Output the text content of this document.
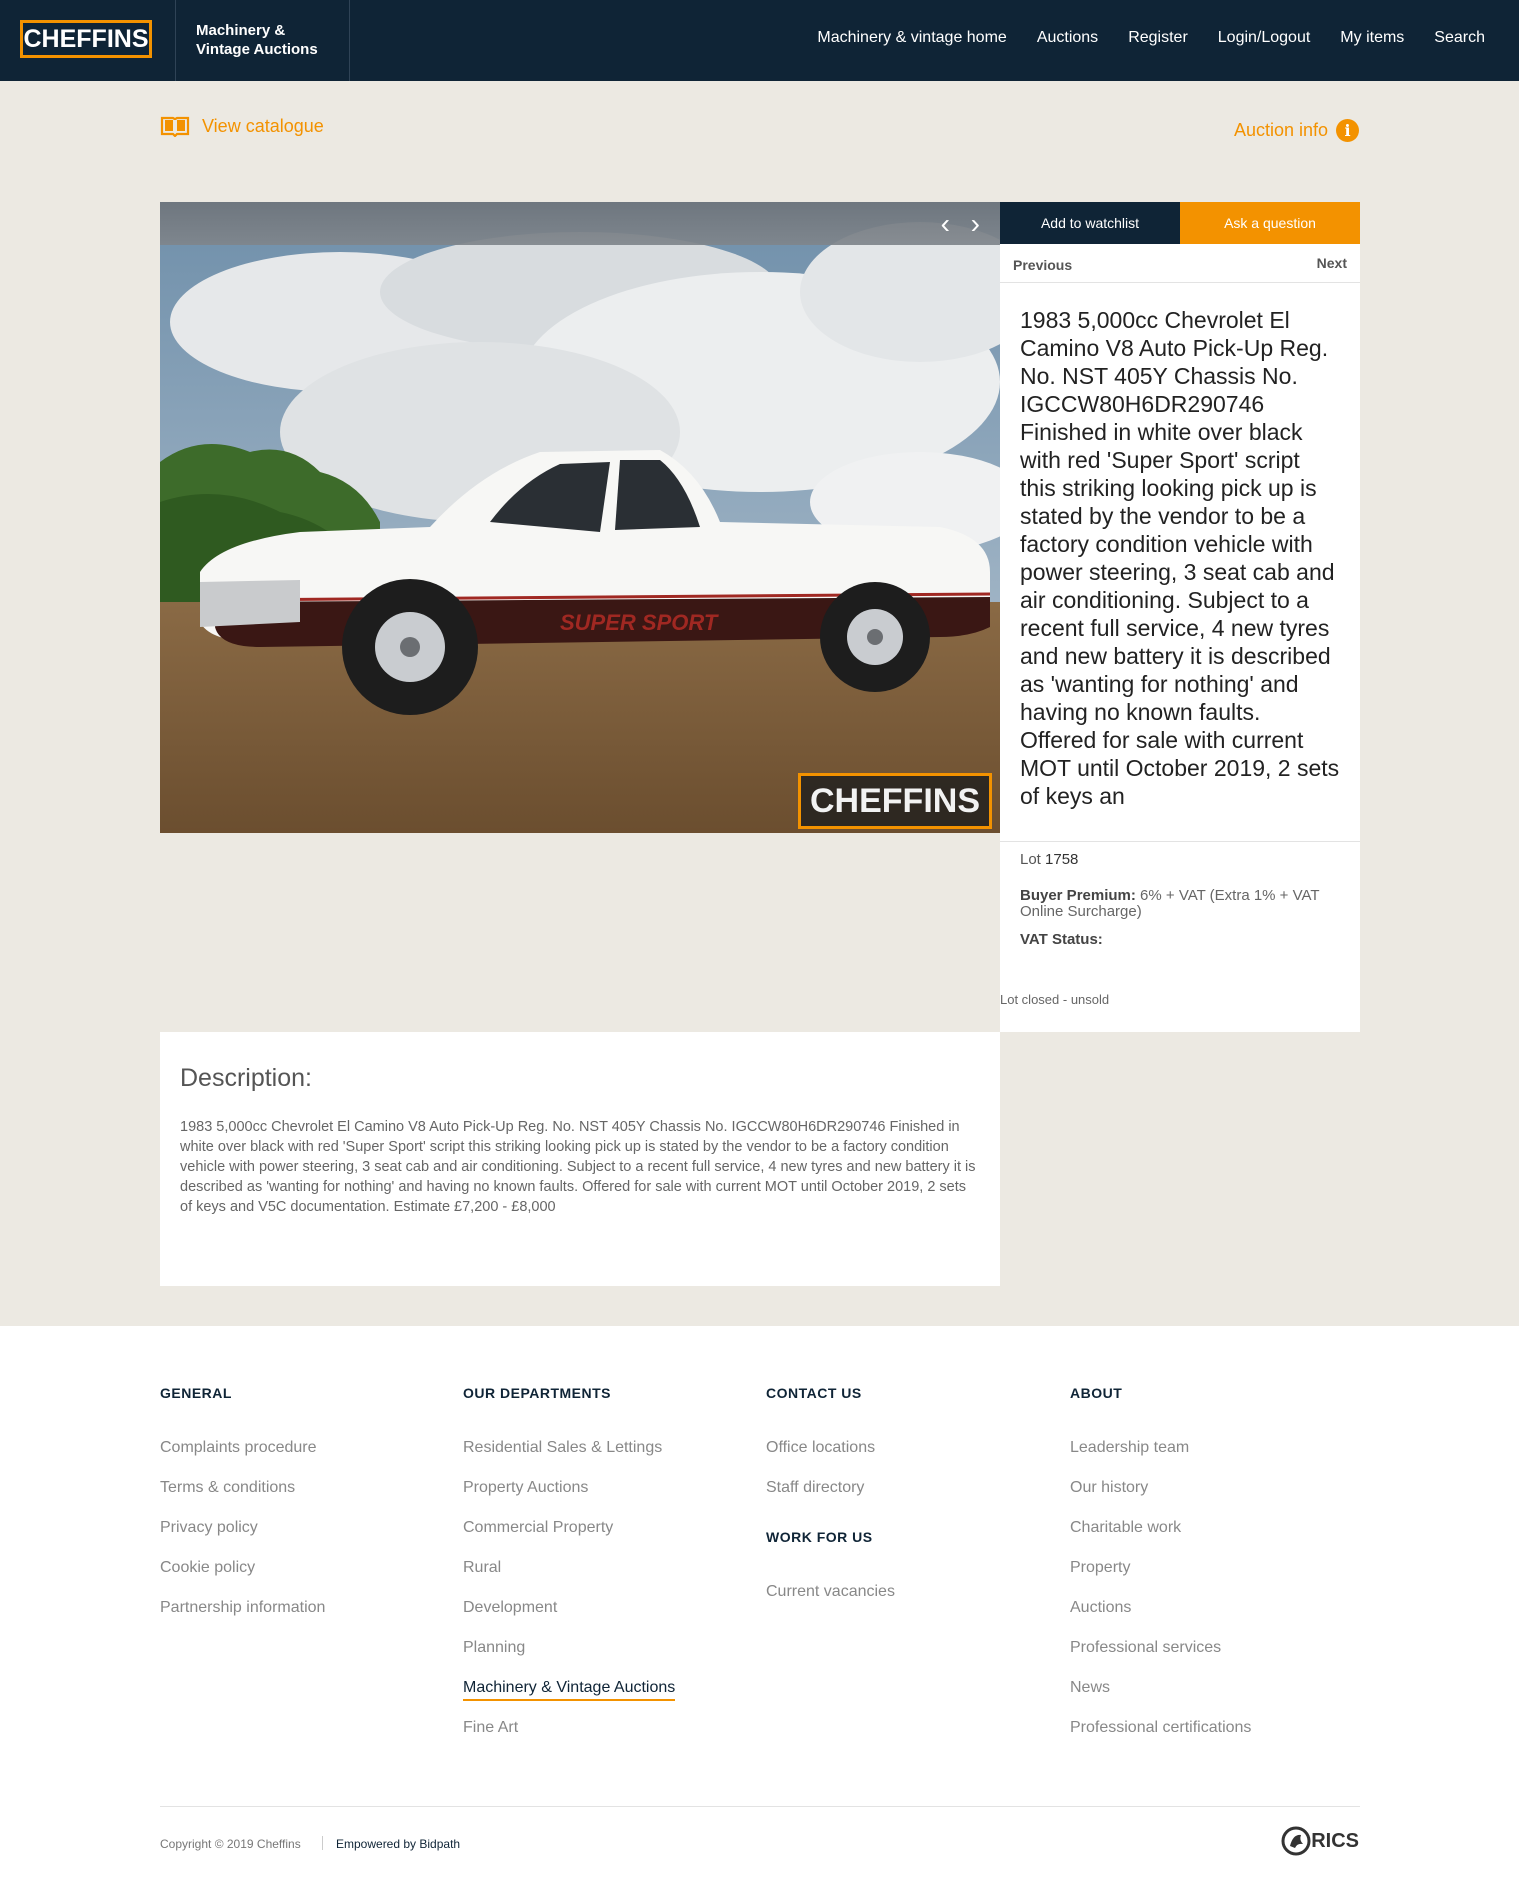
CHEFFINS	Machinery & Vintage Auctions
Machinery & vintage home Auctions Register Login/Logout My items Search
View catalogue	Auction info	i
SUPER SPORT
‹ ›
CHEFFINS
Add to watchlist	Ask a question
Previous	Next
1983 5,000cc Chevrolet El Camino V8 Auto Pick-Up Reg. No. NST 405Y Chassis No. IGCCW80H6DR290746 Finished in white over black with red 'Super Sport' script this striking looking pick up is stated by the vendor to be a factory condition vehicle with power steering, 3 seat cab and air conditioning. Subject to a recent full service, 4 new tyres and new battery it is described as 'wanting for nothing' and having no known faults. Offered for sale with current MOT until October 2019, 2 sets of keys an
Lot 1758
Buyer Premium: 6% + VAT (Extra 1% + VAT Online Surcharge)
VAT Status:
Lot closed - unsold
Description:

1983 5,000cc Chevrolet El Camino V8 Auto Pick-Up Reg. No. NST 405Y Chassis No. IGCCW80H6DR290746 Finished in white over black with red 'Super Sport' script this striking looking pick up is stated by the vendor to be a factory condition vehicle with power steering, 3 seat cab and air conditioning. Subject to a recent full service, 4 new tyres and new battery it is described as 'wanting for nothing' and having no known faults. Offered for sale with current MOT until October 2019, 2 sets of keys and V5C documentation. Estimate £7,200 - £8,000

GENERAL
Complaints procedure
Terms & conditions
Privacy policy
Cookie policy
Partnership information
OUR DEPARTMENTS
Residential Sales & Lettings
Property Auctions
Commercial Property
Rural
Development
Planning
Machinery & Vintage Auctions
Fine Art
CONTACT US
Office locations
Staff directory
WORK FOR US
Current vacancies
ABOUT
Leadership team
Our history
Charitable work
Property
Auctions
Professional services
News
Professional certifications
Copyright © 2019 Cheffins	Empowered by Bidpath	RICS
